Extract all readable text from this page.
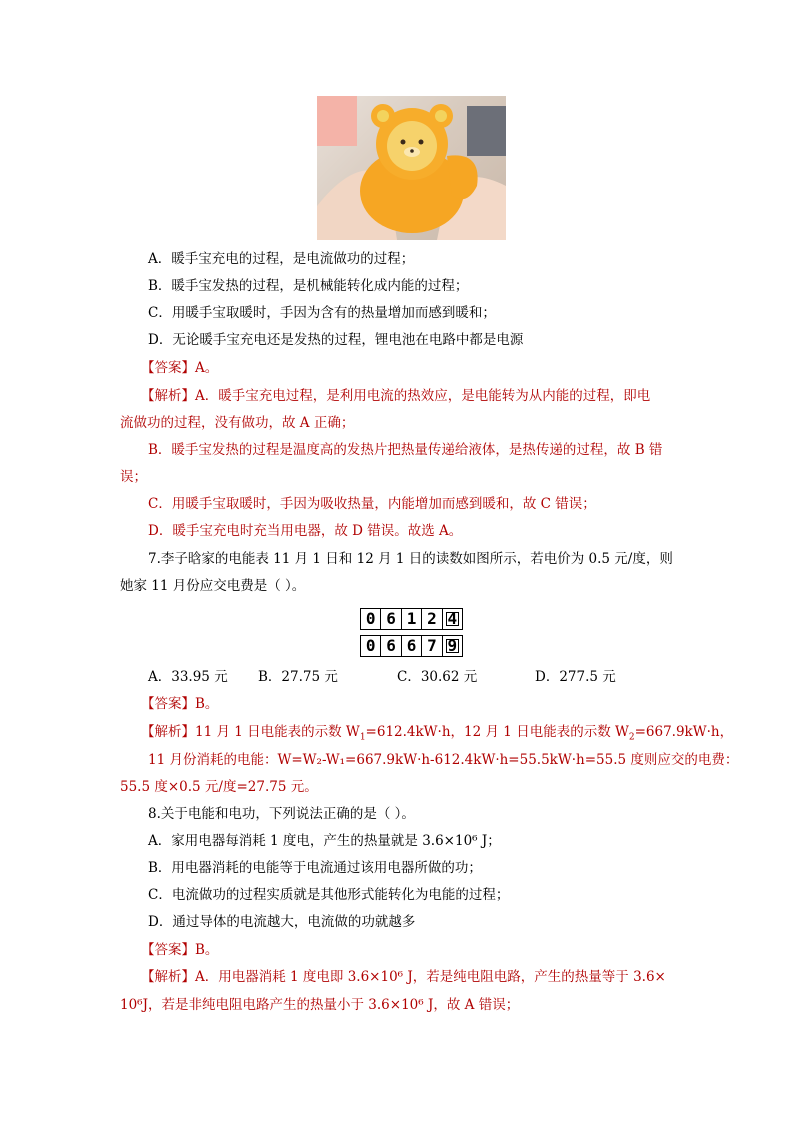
A．暖手宝充电的过程，是电流做功的过程；
B．暖手宝发热的过程，是机械能转化成内能的过程；
C．用暖手宝取暖时，手因为含有的热量增加而感到暖和；
D．无论暖手宝充电还是发热的过程，锂电池在电路中都是电源
【答案】A。
【解析】A．暖手宝充电过程，是利用电流的热效应，是电能转为从内能的过程，即电
流做功的过程，没有做功，故 A 正确；
B．暖手宝发热的过程是温度高的发热片把热量传递给液体，是热传递的过程，故 B 错
误；
C．用暖手宝取暖时，手因为吸收热量，内能增加而感到暖和，故 C 错误；
D．暖手宝充电时充当用电器，故 D 错误。故选 A。
7.李子晗家的电能表 11 月 1 日和 12 月 1 日的读数如图所示，若电价为 0.5 元/度，则
她家 11 月份应交电费是（ ）。
0 6 1 2 4
0 6 6 7 9
A．33.95 元 B．27.75 元	C．30.62 元	D．277.5 元
【答案】B。
【解析】11 月 1 日电能表的示数 $W_1=612.4kW\cdot h$，12 月 1 日电能表的示数 $W_2=667.9kW\cdot h$，
11 月份消耗的电能：W=W₂-W₁=667.9kW·h-612.4kW·h=55.5kW·h=55.5 度则应交的电费：
55.5 度×0.5 元/度=27.75 元。
8.关于电能和电功，下列说法正确的是（ ）。
A．家用电器每消耗 1 度电，产生的热量就是 3.6×10⁶ J；
B．用电器消耗的电能等于电流通过该用电器所做的功；
C．电流做功的过程实质就是其他形式能转化为电能的过程；
D．通过导体的电流越大，电流做的功就越多
【答案】B。
【解析】A．用电器消耗 1 度电即 3.6×10⁶ J，若是纯电阻电路，产生的热量等于 3.6×
10⁶J，若是非纯电阻电路产生的热量小于 3.6×10⁶ J，故 A 错误；
